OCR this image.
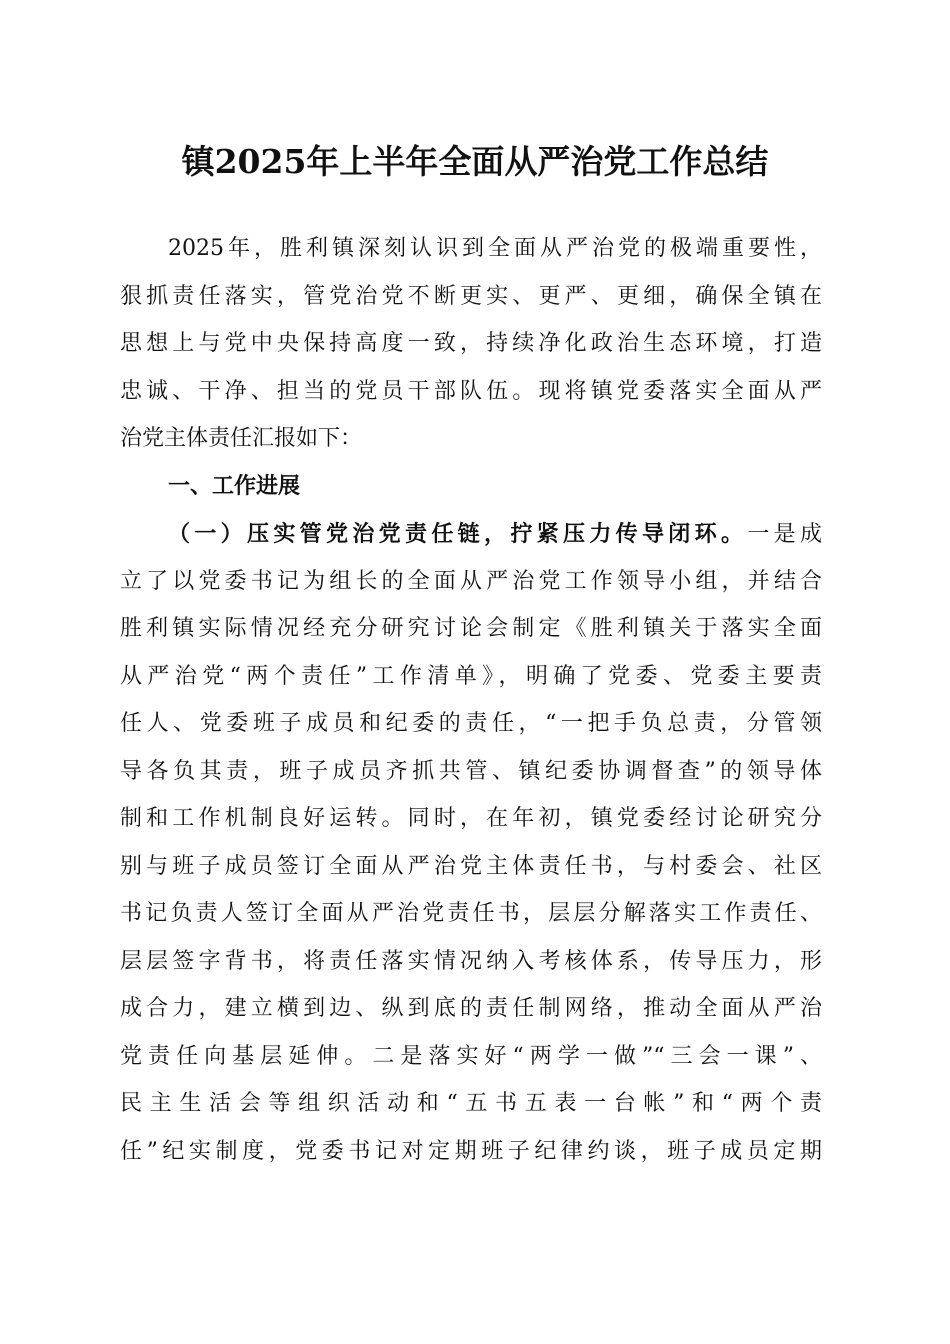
镇2025年上半年全面从严治党工作总结
2025年，胜利镇深刻认识到全面从严治党的极端重要性，
狠抓责任落实，管党治党不断更实、更严、更细，确保全镇在
思想上与党中央保持高度一致，持续净化政治生态环境，打造
忠诚、干净、担当的党员干部队伍。现将镇党委落实全面从严
治党主体责任汇报如下：
一、工作进展
（一）压实管党治党责任链，拧紧压力传导闭环。一是成
立了以党委书记为组长的全面从严治党工作领导小组，并结合
胜利镇实际情况经充分研究讨论会制定《胜利镇关于落实全面
从严治党“两个责任”工作清单》，明确了党委、党委主要责
任人、党委班子成员和纪委的责任，“一把手负总责，分管领
导各负其责，班子成员齐抓共管、镇纪委协调督查”的领导体
制和工作机制良好运转。同时，在年初，镇党委经讨论研究分
别与班子成员签订全面从严治党主体责任书，与村委会、社区
书记负责人签订全面从严治党责任书，层层分解落实工作责任、
层层签字背书，将责任落实情况纳入考核体系，传导压力，形
成合力，建立横到边、纵到底的责任制网络，推动全面从严治
党责任向基层延伸。二是落实好“两学一做”“三会一课”、
民主生活会等组织活动和“五书五表一台帐”和“两个责
任”纪实制度，党委书记对定期班子纪律约谈，班子成员定期
